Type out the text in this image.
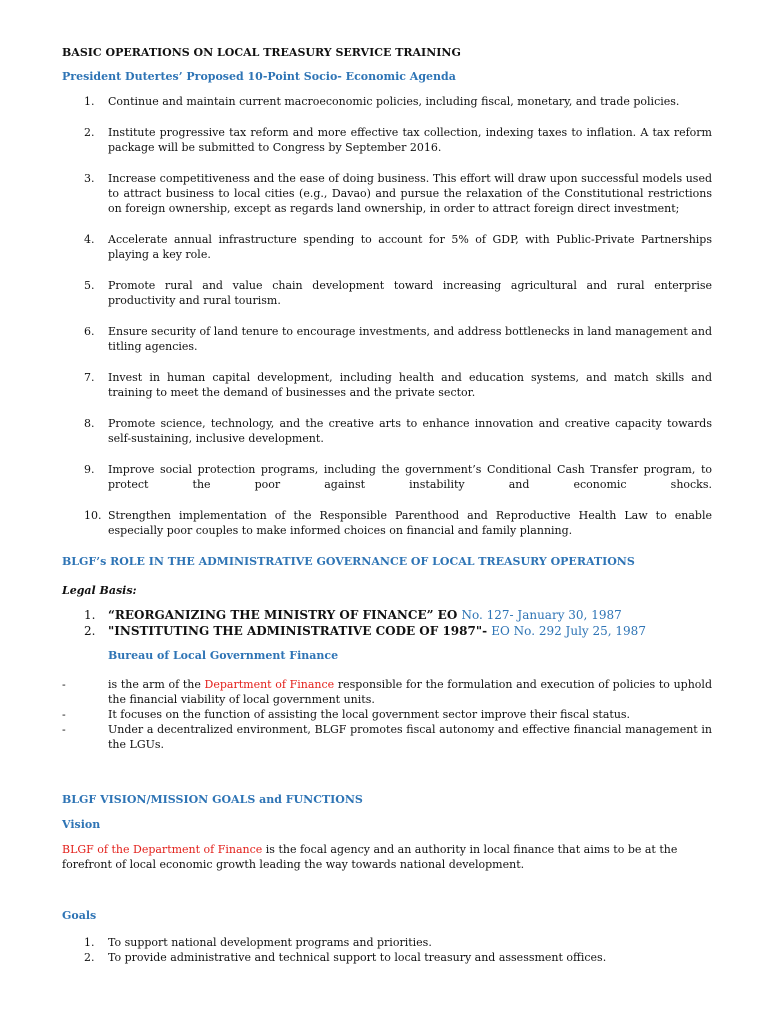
BASIC OPERATIONS ON LOCAL TREASURY SERVICE TRAINING

President Dutertes’ Proposed 10-Point Socio- Economic Agenda

1. Continue and maintain current macroeconomic policies, including fiscal, monetary, and trade policies.
2. Institute progressive tax reform and more effective tax collection, indexing taxes to inflation. A tax reform package will be submitted to Congress by September 2016.
3. Increase competitiveness and the ease of doing business. This effort will draw upon successful models used to attract business to local cities (e.g., Davao) and pursue the relaxation of the Constitutional restrictions on foreign ownership, except as regards land ownership, in order to attract foreign direct investment;
4. Accelerate annual infrastructure spending to account for 5% of GDP, with Public-Private Partnerships playing a key role.
5. Promote rural and value chain development toward increasing agricultural and rural enterprise productivity and rural tourism.
6. Ensure security of land tenure to encourage investments, and address bottlenecks in land management and titling agencies.
7. Invest in human capital development, including health and education systems, and match skills and training to meet the demand of businesses and the private sector.
8. Promote science, technology, and the creative arts to enhance innovation and creative capacity towards self-sustaining, inclusive development.
9. Improve social protection programs, including the government’s Conditional Cash Transfer program, to protect the poor against instability and economic shocks.
10. Strengthen implementation of the Responsible Parenthood and Reproductive Health Law to enable especially poor couples to make informed choices on financial and family planning.

BLGF’s ROLE IN THE ADMINISTRATIVE GOVERNANCE OF LOCAL TREASURY OPERATIONS

Legal Basis:

1. “REORGANIZING THE MINISTRY OF FINANCE” EO No. 127- January 30, 1987
2. "INSTITUTING THE ADMINISTRATIVE CODE OF 1987"- EO No. 292 July 25, 1987

Bureau of Local Government Finance

-	is the arm of the Department of Finance responsible for the formulation and execution of policies to uphold the financial viability of local government units.
-	It focuses on the function of assisting the local government sector improve their fiscal status.
-	Under a decentralized environment, BLGF promotes fiscal autonomy and effective financial management in the LGUs.

BLGF VISION/MISSION GOALS and FUNCTIONS

Vision

BLGF of the Department of Finance is the focal agency and an authority in local finance that aims to be at the forefront of local economic growth leading the way towards national development.

Goals

1. To support national development programs and priorities.
2. To provide administrative and technical support to local treasury and assessment offices.
